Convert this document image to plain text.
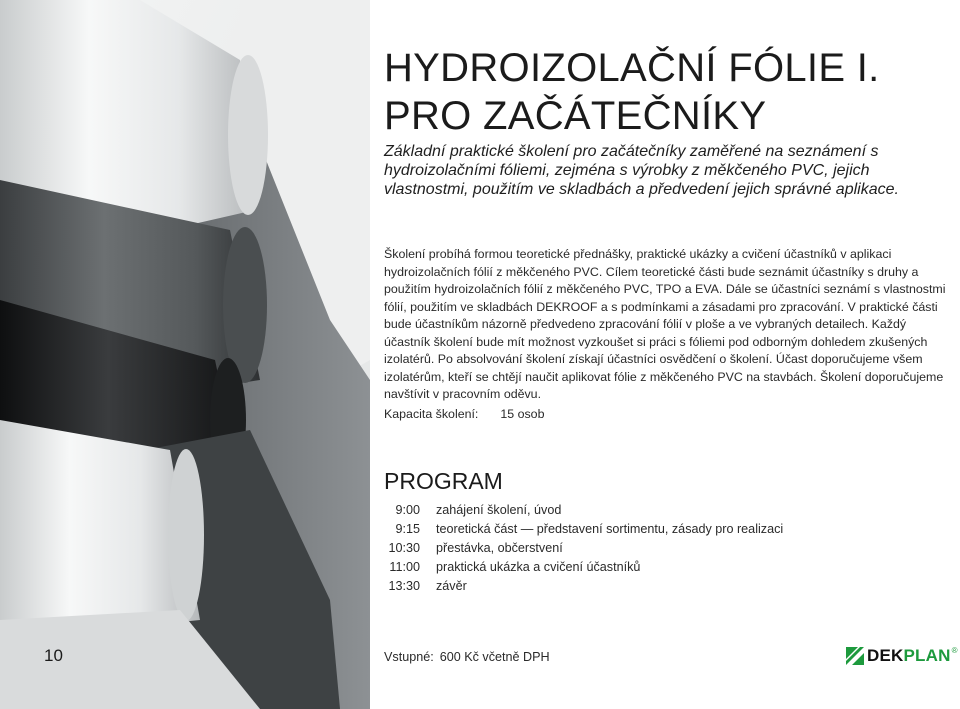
HYDROIZOLAČNÍ FÓLIE I.
PRO ZAČÁTEČNÍKY
Základní praktické školení pro začátečníky zaměřené na seznámení s hydroizolačními fóliemi, zejména s výrobky z měkčeného PVC, jejich vlastnostmi, použitím ve skladbách a předvedení jejich správné aplikace.
Školení probíhá formou teoretické přednášky, praktické ukázky a cvičení účastníků v aplikaci hydroizolačních fólií z měkčeného PVC. Cílem teoretické části bude seznámit účastníky s druhy a použitím hydroizolačních fólií z měkčeného PVC, TPO a EVA. Dále se účastníci seznámí s vlastnostmi fólií, použitím ve skladbách DEKROOF a s podmínkami a zásadami pro zpracování. V praktické části bude účastníkům názorně předvedeno zpracování fólií v ploše a ve vybraných detailech. Každý účastník školení bude mít možnost vyzkoušet si práci s fóliemi pod odborným dohledem zkušených izolatérů. Po absolvování školení získají účastníci osvědčení o školení. Účast doporučujeme všem izolatérům, kteří se chtějí naučit aplikovat fólie z měkčeného PVC na stavbách. Školení doporučujeme navštívit v pracovním oděvu.
Kapacita školení: 15 osob
PROGRAM
9:00 zahájení školení, úvod
9:15 teoretická část — představení sortimentu, zásady pro realizaci
10:30 přestávka, občerstvení
11:00 praktická ukázka a cvičení účastníků
13:30 závěr
10	Vstupné: 600 Kč včetně DPH	DEKPLAN ®
